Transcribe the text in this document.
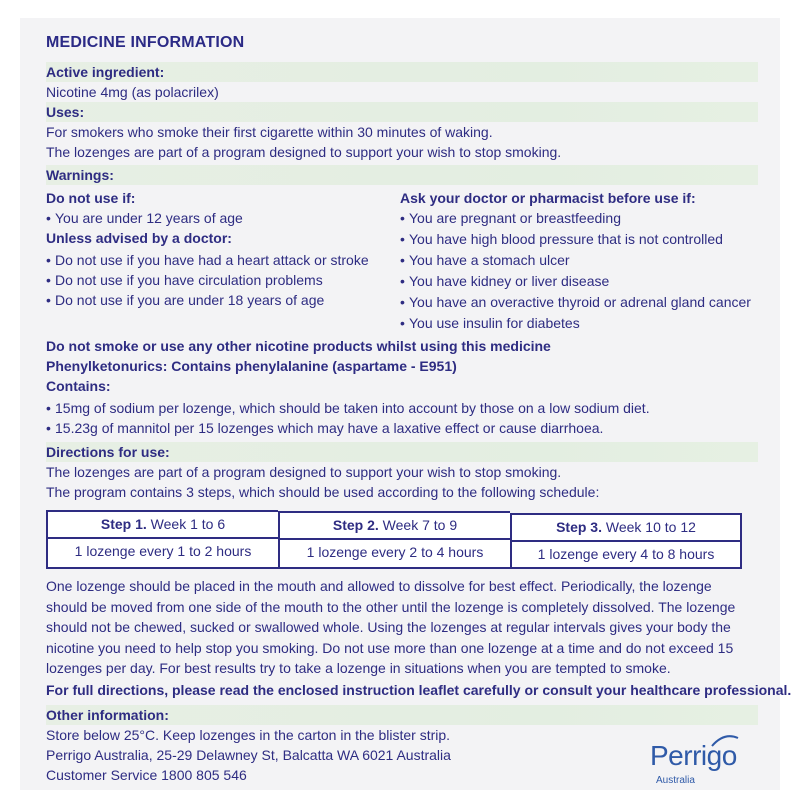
MEDICINE INFORMATION
Active ingredient:
Nicotine 4mg (as polacrilex)
Uses:
For smokers who smoke their first cigarette within 30 minutes of waking.
The lozenges are part of a program designed to support your wish to stop smoking.
Warnings:
Do not use if:
• You are under 12 years of age
Unless advised by a doctor:
• Do not use if you have had a heart attack or stroke
• Do not use if you have circulation problems
• Do not use if you are under 18 years of age
Ask your doctor or pharmacist before use if:
• You are pregnant or breastfeeding
• You have high blood pressure that is not controlled
• You have a stomach ulcer
• You have kidney or liver disease
• You have an overactive thyroid or adrenal gland cancer
• You use insulin for diabetes
Do not smoke or use any other nicotine products whilst using this medicine
Phenylketonurics: Contains phenylalanine (aspartame - E951)
Contains:
• 15mg of sodium per lozenge, which should be taken into account by those on a low sodium diet.
• 15.23g of mannitol per 15 lozenges which may have a laxative effect or cause diarrhoea.
Directions for use:
The lozenges are part of a program designed to support your wish to stop smoking.
The program contains 3 steps, which should be used according to the following schedule:
Step 1. Week 1 to 6
1 lozenge every 1 to 2 hours
Step 2. Week 7 to 9
1 lozenge every 2 to 4 hours
Step 3. Week 10 to 12
1 lozenge every 4 to 8 hours
One lozenge should be placed in the mouth and allowed to dissolve for best effect. Periodically, the lozenge should be moved from one side of the mouth to the other until the lozenge is completely dissolved. The lozenge should not be chewed, sucked or swallowed whole. Using the lozenges at regular intervals gives your body the nicotine you need to help stop you smoking. Do not use more than one lozenge at a time and do not exceed 15 lozenges per day. For best results try to take a lozenge in situations when you are tempted to smoke.
For full directions, please read the enclosed instruction leaflet carefully or consult your healthcare professional.
Other information:
Store below 25°C. Keep lozenges in the carton in the blister strip.
Perrigo Australia, 25-29 Delawney St, Balcatta WA 6021 Australia
Customer Service 1800 805 546
Perrigo
Australia
